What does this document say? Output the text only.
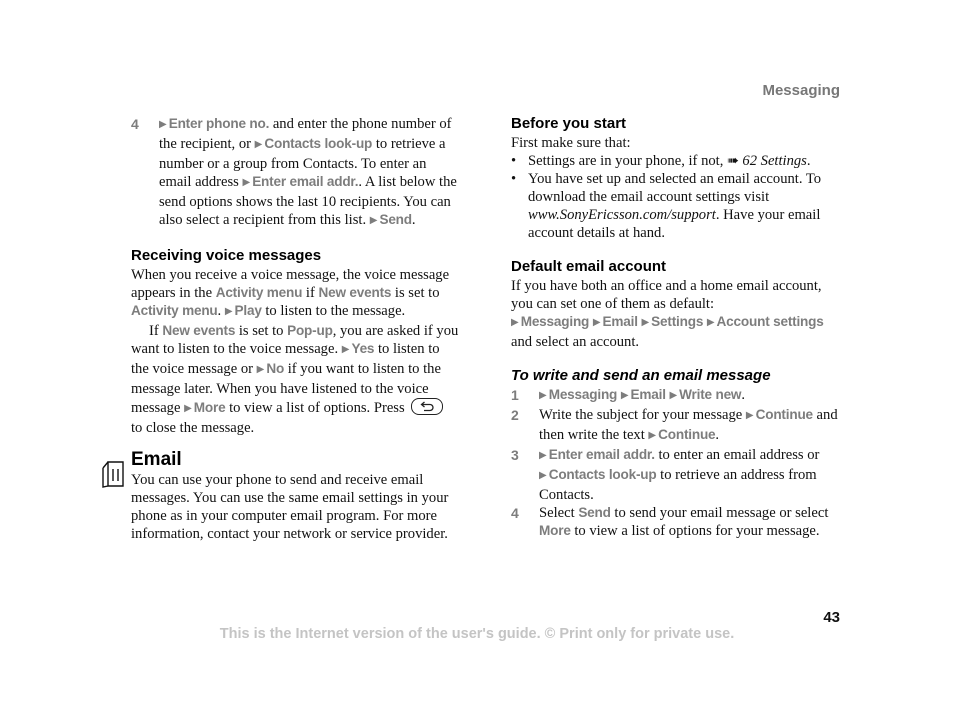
Messaging
4 ▶ Enter phone no. and enter the phone number of the recipient, or ▶ Contacts look-up to retrieve a number or a group from Contacts. To enter an email address ▶ Enter email addr.. A list below the send options shows the last 10 recipients. You can also select a recipient from this list. ▶ Send.
Receiving voice messages
When you receive a voice message, the voice message appears in the Activity menu if New events is set to Activity menu. ▶ Play to listen to the message.
If New events is set to Pop-up, you are asked if you want to listen to the voice message. ▶ Yes to listen to the voice message or ▶ No if you want to listen to the message later. When you have listened to the voice message ▶ More to view a list of options. Press
to close the message.
Email
You can use your phone to send and receive email messages. You can use the same email settings in your phone as in your computer email program. For more information, contact your network or service provider.
Before you start
First make sure that:
• Settings are in your phone, if not, ➠ 62 Settings.
• You have set up and selected an email account. To download the email account settings visit www.SonyEricsson.com/support. Have your email account details at hand.
Default email account
If you have both an office and a home email account, you can set one of them as default:
▶ Messaging ▶ Email ▶ Settings ▶ Account settings
and select an account.
To write and send an email message
1 ▶ Messaging ▶ Email ▶ Write new.
2 Write the subject for your message ▶ Continue and then write the text ▶ Continue.
3 ▶ Enter email addr. to enter an email address or ▶ Contacts look-up to retrieve an address from Contacts.
4 Select Send to send your email message or select More to view a list of options for your message.
43
This is the Internet version of the user's guide. © Print only for private use.
